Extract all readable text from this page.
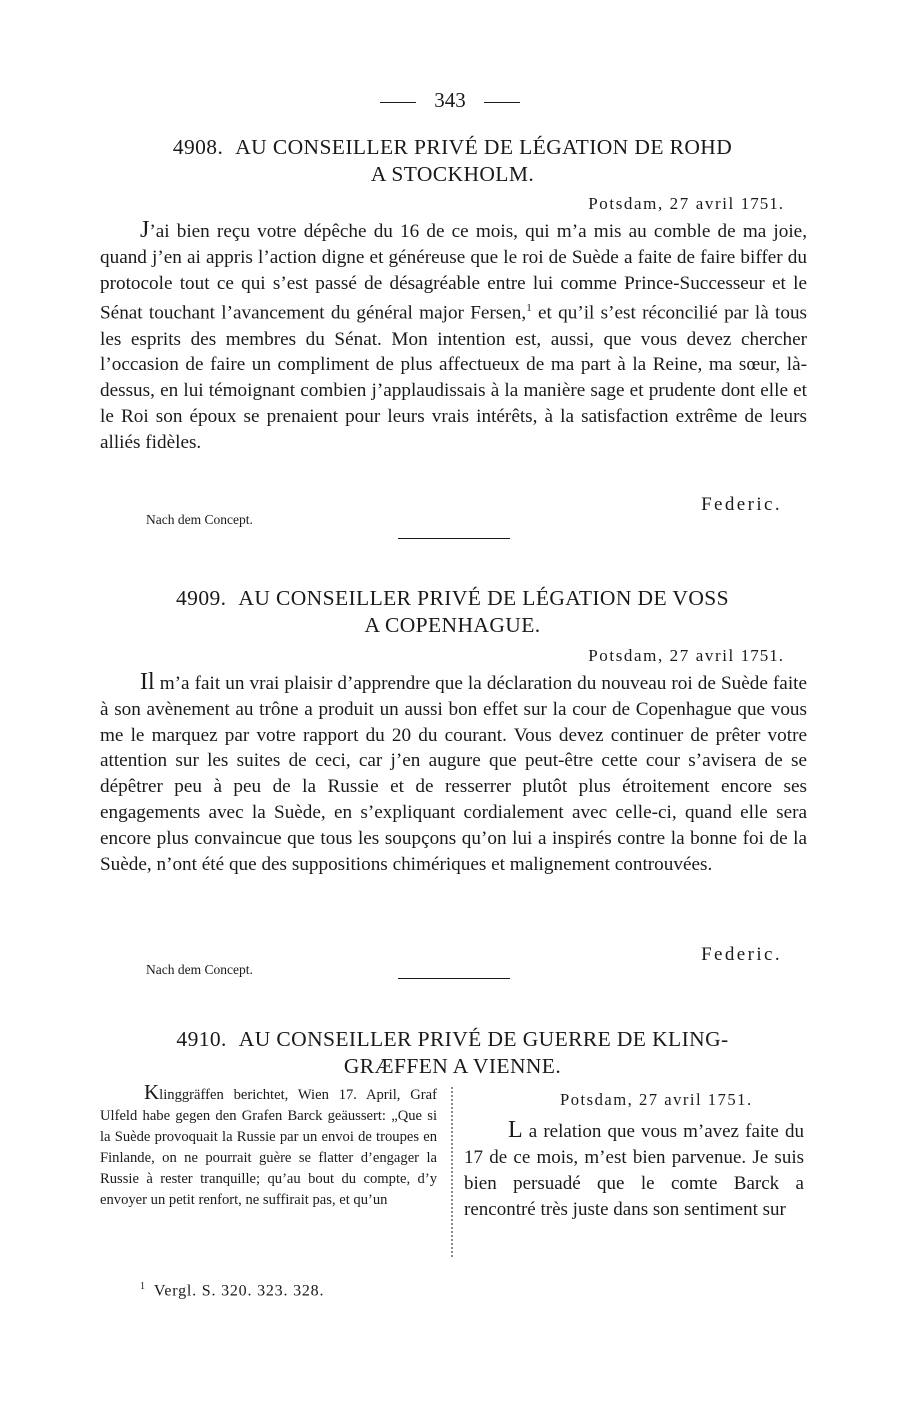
343
4908. AU CONSEILLER PRIVÉ DE LÉGATION DE ROHD
A STOCKHOLM.
Potsdam, 27 avril 1751.

J’ai bien reçu votre dépêche du 16 de ce mois, qui m’a mis au comble de ma joie, quand j’en ai appris l’action digne et généreuse que le roi de Suède a faite de faire biffer du protocole tout ce qui s’est passé de désagréable entre lui comme Prince-Successeur et le Sénat touchant l’avancement du général major Fersen,$^1$ et qu’il s’est réconcilié par là tous les esprits des membres du Sénat. Mon intention est, aussi, que vous devez chercher l’occasion de faire un compliment de plus affectueux de ma part à la Reine, ma sœur, là-dessus, en lui témoignant combien j’applaudissais à la manière sage et prudente dont elle et le Roi son époux se prenaient pour leurs vrais intérêts, à la satisfaction extrême de leurs alliés fidèles.

Federic.
Nach dem Concept.
4909. AU CONSEILLER PRIVÉ DE LÉGATION DE VOSS
A COPENHAGUE.
Potsdam, 27 avril 1751.

Il m’a fait un vrai plaisir d’apprendre que la déclaration du nouveau roi de Suède faite à son avènement au trône a produit un aussi bon effet sur la cour de Copenhague que vous me le marquez par votre rapport du 20 du courant. Vous devez continuer de prêter votre attention sur les suites de ceci, car j’en augure que peut-être cette cour s’avisera de se dépêtrer peu à peu de la Russie et de resserrer plutôt plus étroitement encore ses engagements avec la Suède, en s’expliquant cordialement avec celle-ci, quand elle sera encore plus convaincue que tous les soupçons qu’on lui a inspirés contre la bonne foi de la Suède, n’ont été que des suppositions chimériques et malignement controuvées.

Federic.
Nach dem Concept.
4910. AU CONSEILLER PRIVÉ DE GUERRE DE KLING-
GRÆFFEN A VIENNE.

Klinggräffen berichtet, Wien 17. April, Graf Ulfeld habe gegen den Grafen Barck geäussert: „Que si la Suède provoquait la Russie par un envoi de troupes en Finlande, on ne pourrait guère se flatter d’engager la Russie à rester tranquille; qu’au bout du compte, d’y envoyer un petit renfort, ne suffirait pas, et qu’un

Potsdam, 27 avril 1751.

L a relation que vous m’avez faite du 17 de ce mois, m’est bien parvenue. Je suis bien persuadé que le comte Barck a rencontré très juste dans son sentiment sur

$^1$ Vergl. S. 320. 323. 328.
